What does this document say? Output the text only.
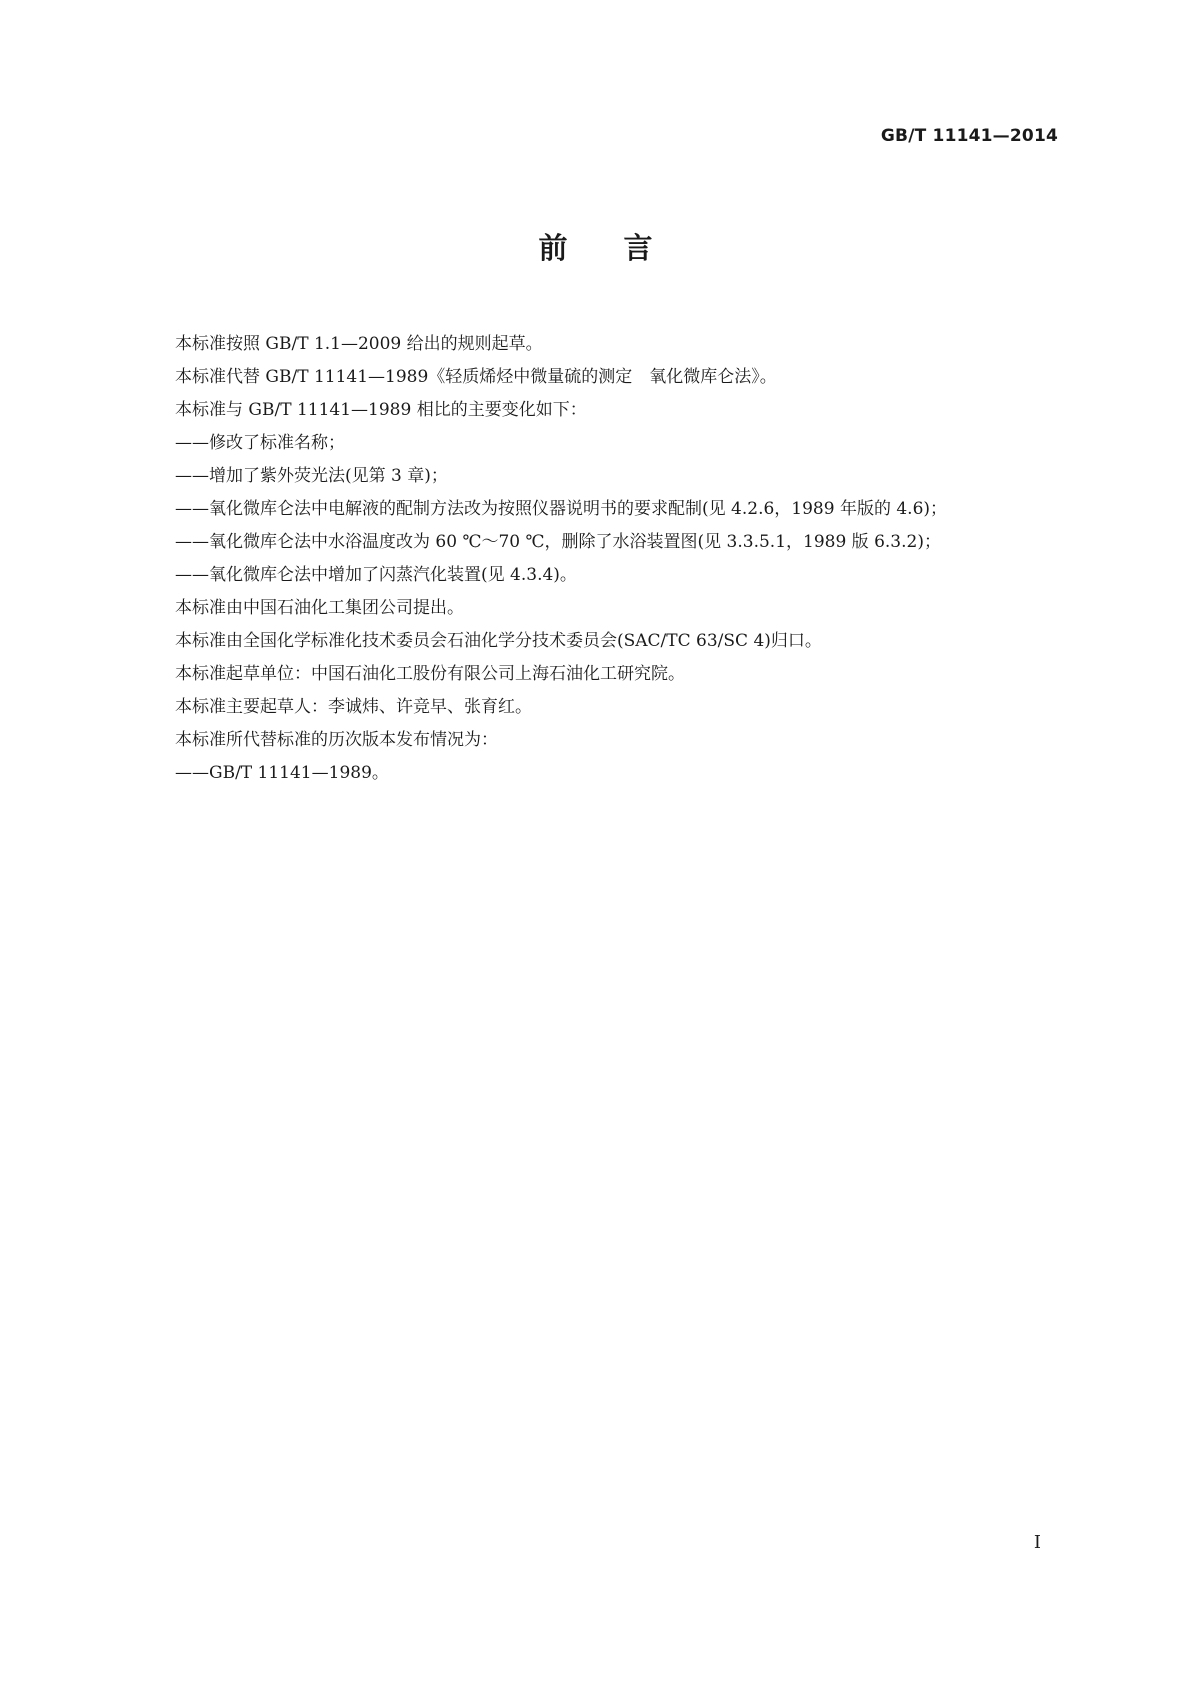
GB/T 11141—2014
前言
本标准按照 GB/T 1.1—2009 给出的规则起草。
本标准代替 GB/T 11141—1989《轻质烯烃中微量硫的测定　氧化微库仑法》。
本标准与 GB/T 11141—1989 相比的主要变化如下：
——修改了标准名称；
——增加了紫外荧光法(见第 3 章)；
——氧化微库仑法中电解液的配制方法改为按照仪器说明书的要求配制(见 4.2.6，1989 年版的 4.6)；
——氧化微库仑法中水浴温度改为 60 ℃～70 ℃，删除了水浴装置图(见 3.3.5.1，1989 版 6.3.2)；
——氧化微库仑法中增加了闪蒸汽化装置(见 4.3.4)。
本标准由中国石油化工集团公司提出。
本标准由全国化学标准化技术委员会石油化学分技术委员会(SAC/TC 63/SC 4)归口。
本标准起草单位：中国石油化工股份有限公司上海石油化工研究院。
本标准主要起草人：李诚炜、许竞早、张育红。
本标准所代替标准的历次版本发布情况为：
——GB/T 11141—1989。
I
